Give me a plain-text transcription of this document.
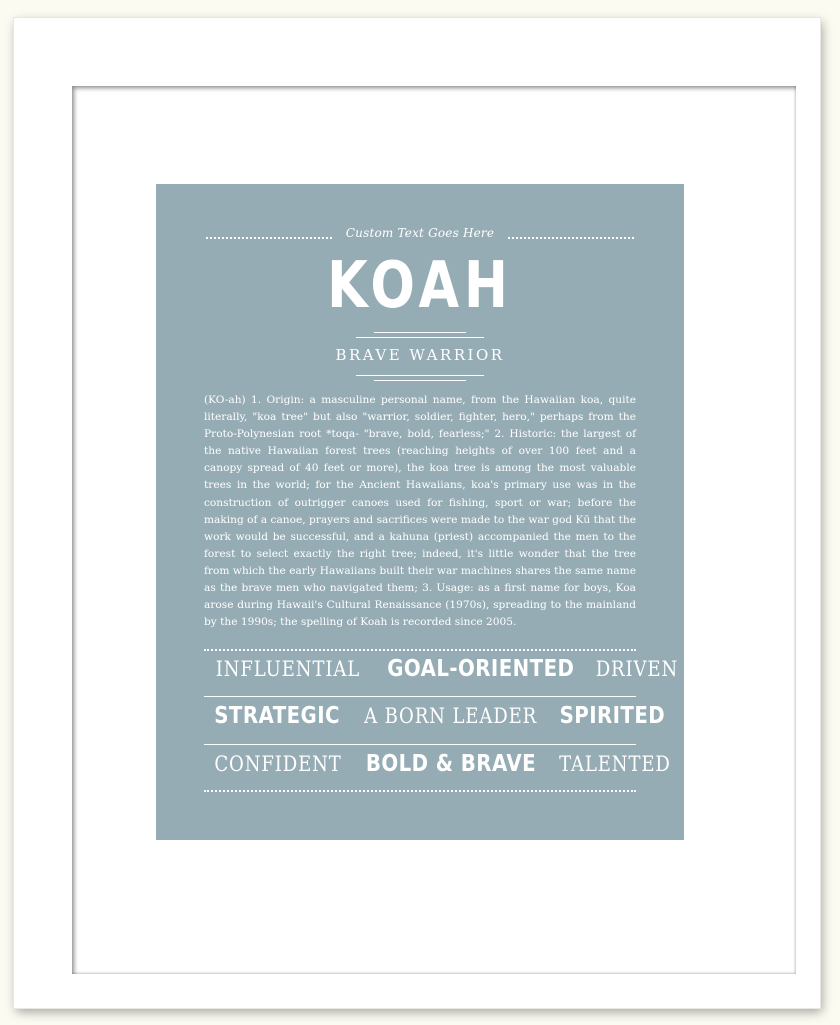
Custom Text Goes Here
KOAH
BRAVE WARRIOR

(KO-ah) 1. Origin: a masculine personal name, from the Hawaiian koa, quite literally, "koa tree" but also "warrior, soldier, fighter, hero," perhaps from the Proto-Polynesian root *toqa- "brave, bold, fearless;" 2. Historic: the largest of the native Hawaiian forest trees (reaching heights of over 100 feet and a canopy spread of 40 feet or more), the koa tree is among the most valuable trees in the world; for the Ancient Hawaiians, koa's primary use was in the construction of outrigger canoes used for fishing, sport or war; before the making of a canoe, prayers and sacrifices were made to the war god Kū that the work would be successful, and a kahuna (priest) accompanied the men to the forest to select exactly the right tree; indeed, it's little wonder that the tree from which the early Hawaiians built their war machines shares the same name as the brave men who navigated them; 3. Usage: as a first name for boys, Koa arose during Hawaii's Cultural Renaissance (1970s), spreading to the mainland by the 1990s; the spelling of Koah is recorded since 2005.

INFLUENTIAL GOAL-ORIENTED DRIVEN
STRATEGIC A BORN LEADER SPIRITED
CONFIDENT BOLD & BRAVE TALENTED
